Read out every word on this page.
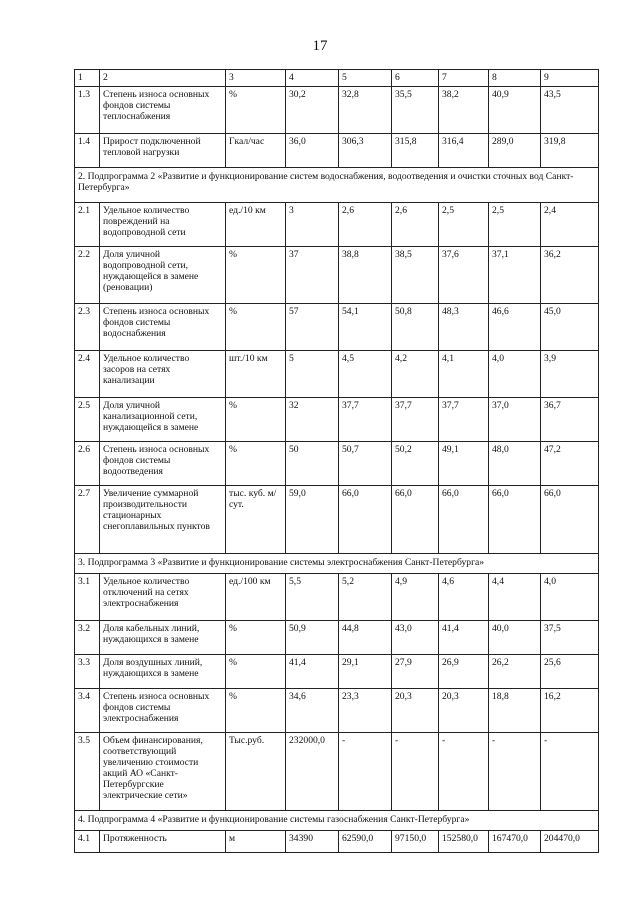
17
1	2	3	4	5	6	7	8	9
1.3	Степень износа основных фондов системы теплоснабжения	%	30,2	32,8	35,5	38,2	40,9	43,5
1.4	Прирост подключенной тепловой нагрузки	Гкал/час	36,0	306,3	315,8	316,4	289,0	319,8
2. Подпрограмма 2 «Развитие и функционирование систем водоснабжения, водоотведения и очистки сточных вод Санкт-Петербурга»								
2.1	Удельное количество повреждений на водопроводной сети	ед./10 км	3	2,6	2,6	2,5	2,5	2,4
2.2	Доля уличной водопроводной сети, нуждающейся в замене (реновации)	%	37	38,8	38,5	37,6	37,1	36,2
2.3	Степень износа основных фондов системы водоснабжения	%	57	54,1	50,8	48,3	46,6	45,0
2.4	Удельное количество засоров на сетях канализации	шт./10 км	5	4,5	4,2	4,1	4,0	3,9
2.5	Доля уличной канализационной сети, нуждающейся в замене	%	32	37,7	37,7	37,7	37,0	36,7
2.6	Степень износа основных фондов системы водоотведения	%	50	50,7	50,2	49,1	48,0	47,2
2.7	Увеличение суммарной производительности стационарных снегоплавильных пунктов	тыс. куб. м/сут.	59,0	66,0	66,0	66,0	66,0	66,0
3. Подпрограмма 3 «Развитие и функционирование системы электроснабжения Санкт-Петербурга»								
3.1	Удельное количество отключений на сетях электроснабжения	ед./100 км	5,5	5,2	4,9	4,6	4,4	4,0
3.2	Доля кабельных линий, нуждающихся в замене	%	50,9	44,8	43,0	41,4	40,0	37,5
3.3	Доля воздушных линий, нуждающихся в замене	%	41,4	29,1	27,9	26,9	26,2	25,6
3.4	Степень износа основных фондов системы электроснабжения	%	34,6	23,3	20,3	20,3	18,8	16,2
3.5	Объем финансирования, соответствующий увеличению стоимости акций АО «Санкт-Петербургские электрические сети»	Тыс.руб.	232000,0	-	-	-	-	-
4. Подпрограмма 4 «Развитие и функционирование системы газоснабжения Санкт-Петербурга»								
4.1	Протяженность	м	34390	62590,0	97150,0	152580,0	167470,0	204470,0
